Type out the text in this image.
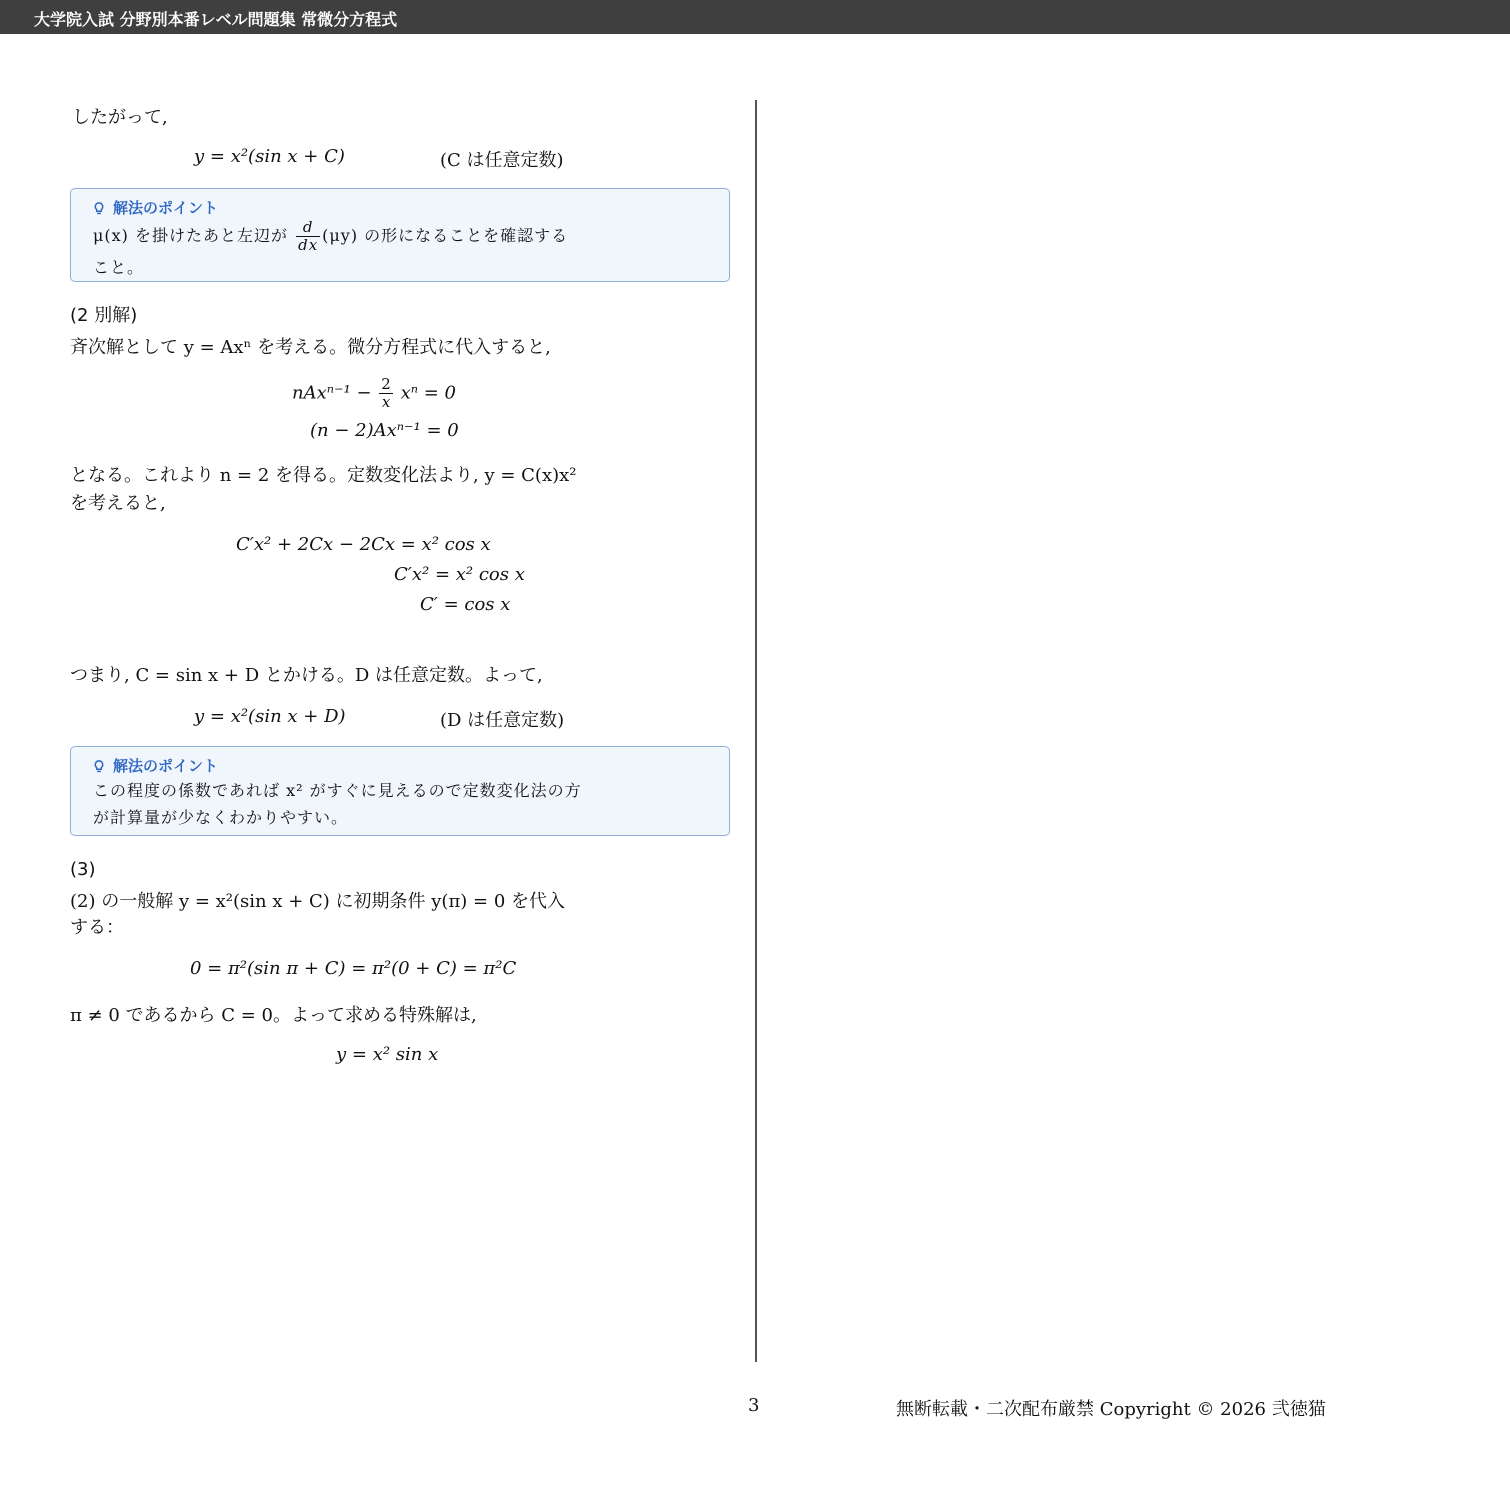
大学院入試 分野別本番レベル問題集 常微分方程式

したがって,

y = x²(sin x + C)	(C は任意定数)
解法のポイント
μ(x) を掛けたあと左辺が $\frac{d}{dx} (\mu y)$ の形になることを確認する
こと。
(2 別解)

斉次解として y = Axⁿ を考える。微分方程式に代入すると,

$nAx^{n-1} - \frac{2}{x}$ xⁿ = 0
(n − 2)Axⁿ⁻¹ = 0

となる。これより n = 2 を得る。定数変化法より, y = C(x)x²

を考えると,

C′x² + 2Cx − 2Cx = x² cos x
C′x² = x² cos x
C′ = cos x

つまり, C = sin x + D とかける。D は任意定数。よって,

y = x²(sin x + D)	(D は任意定数)
解法のポイント
この程度の係数であれば x² がすぐに見えるので定数変化法の方
が計算量が少なくわかりやすい。
(3)

(2) の一般解 y = x²(sin x + C) に初期条件 y(π) = 0 を代入

する：

0 = π²(sin π + C) = π²(0 + C) = π²C

π ≠ 0 であるから C = 0。よって求める特殊解は,

y = x² sin x
3	無断転載・二次配布厳禁 Copyright © 2026 弐徳猫
